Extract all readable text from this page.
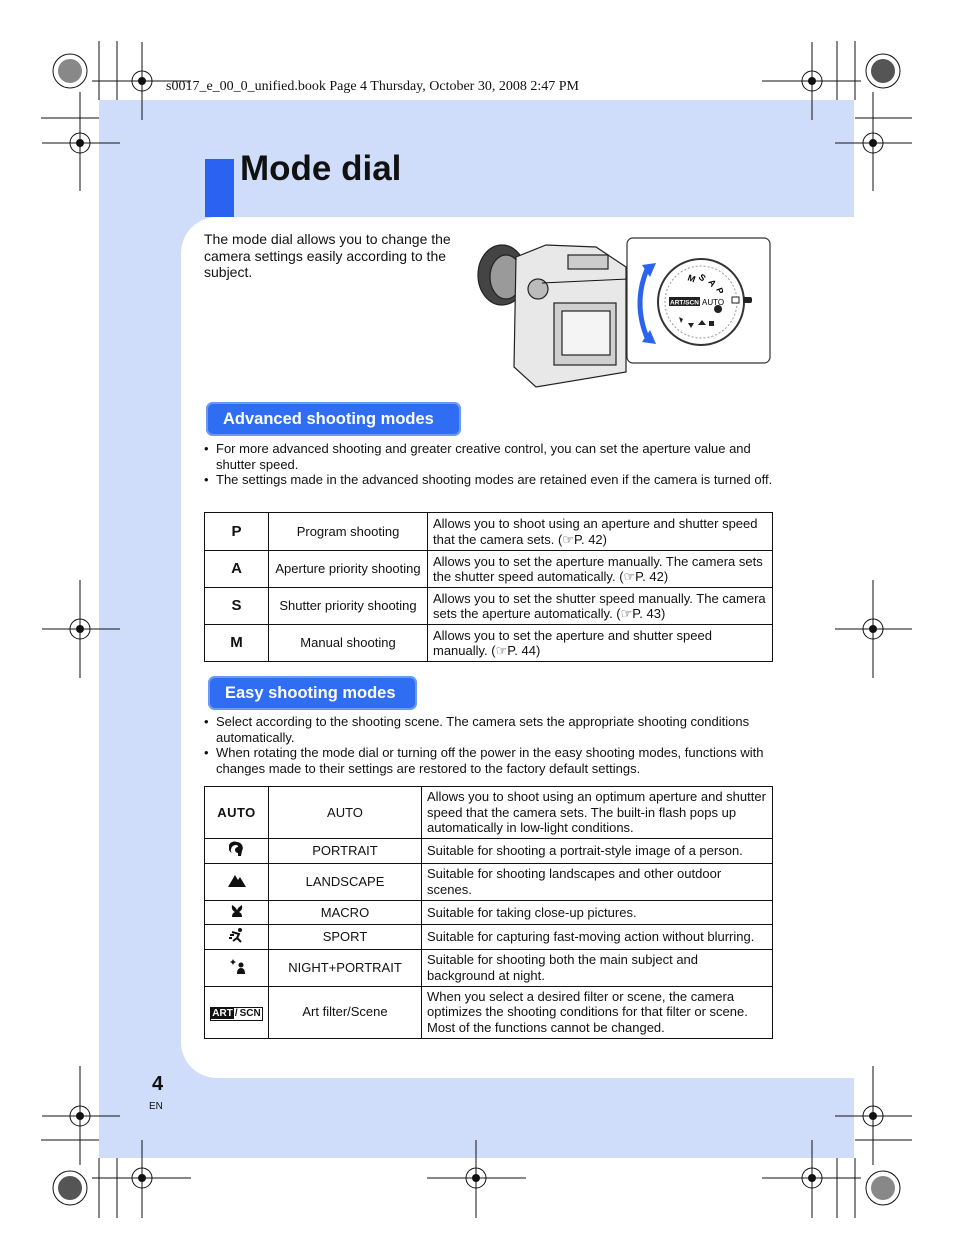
s0017_e_00_0_unified.book Page 4 Thursday, October 30, 2008 2:47 PM
Mode dial
The mode dial allows you to change the camera settings easily according to the subject.	M S
A
P
AUTO
ART/SCN
Advanced shooting modes
• For more advanced shooting and greater creative control, you can set the aperture value and shutter speed.
• The settings made in the advanced shooting modes are retained even if the camera is turned off.
P	Program shooting	Allows you to shoot using an aperture and shutter speed that the camera sets. (☞P. 42)
A	Aperture priority shooting	Allows you to set the aperture manually. The camera sets the shutter speed automatically. (☞P. 42)
S	Shutter priority shooting	Allows you to set the shutter speed manually. The camera sets the aperture automatically. (☞P. 43)
M	Manual shooting	Allows you to set the aperture and shutter speed manually. (☞P. 44)
Easy shooting modes
• Select according to the shooting scene. The camera sets the appropriate shooting conditions automatically.
• When rotating the mode dial or turning off the power in the easy shooting modes, functions with changes made to their settings are restored to the factory default settings.
AUTO	AUTO	Allows you to shoot using an optimum aperture and shutter speed that the camera sets. The built-in flash pops up automatically in low-light conditions.
	PORTRAIT	Suitable for shooting a portrait-style image of a person.
	LANDSCAPE	Suitable for shooting landscapes and other outdoor scenes.
	MACRO	Suitable for taking close-up pictures.
	SPORT	Suitable for capturing fast-moving action without blurring.
	NIGHT+PORTRAIT	Suitable for shooting both the main subject and background at night.
ART / SCN	Art filter/Scene	When you select a desired filter or scene, the camera optimizes the shooting conditions for that filter or scene. Most of the functions cannot be changed.
4
EN
